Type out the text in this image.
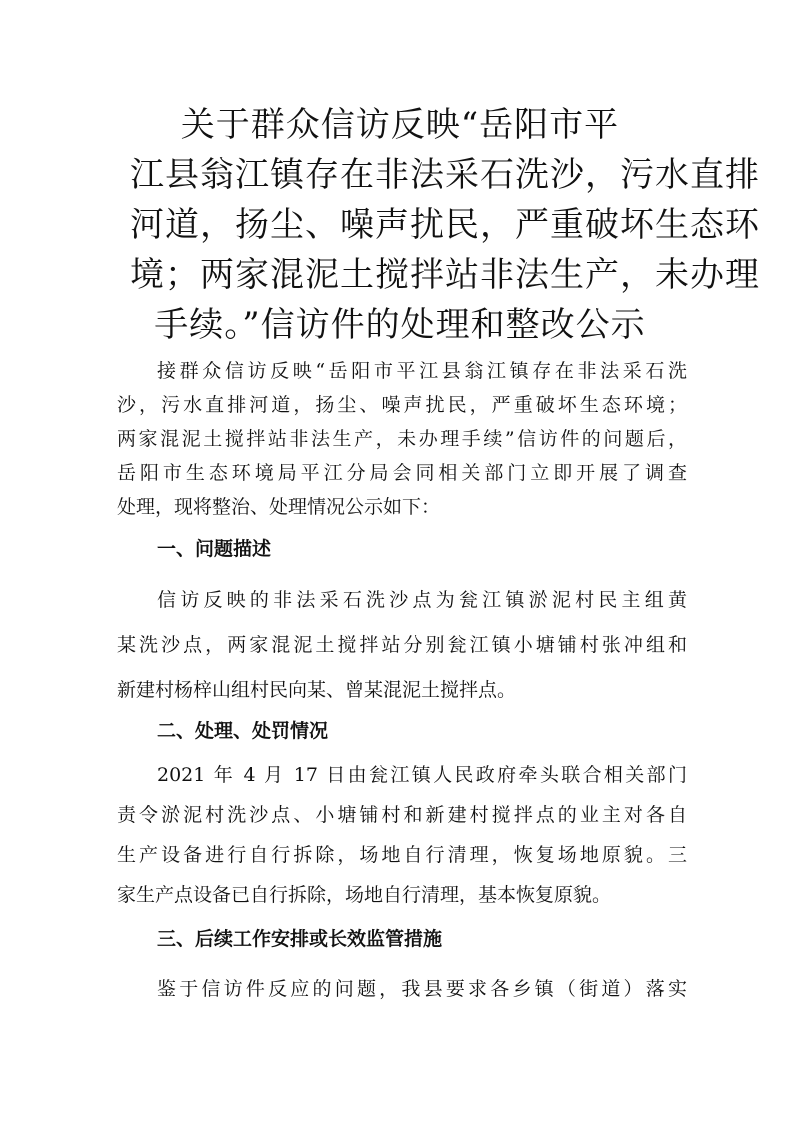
关于群众信访反映“岳阳市平
江县翁江镇存在非法采石洗沙，污水直排
河道，扬尘、噪声扰民，严重破坏生态环
境；两家混泥土搅拌站非法生产，未办理
手续。”信访件的处理和整改公示
接群众信访反映“岳阳市平江县翁江镇存在非法采石洗
沙，污水直排河道，扬尘、噪声扰民，严重破坏生态环境；
两家混泥土搅拌站非法生产，未办理手续”信访件的问题后，
岳阳市生态环境局平江分局会同相关部门立即开展了调查
处理，现将整治、处理情况公示如下：
一、问题描述
信访反映的非法采石洗沙点为瓮江镇淤泥村民主组黄
某洗沙点，两家混泥土搅拌站分别瓮江镇小塘铺村张冲组和
新建村杨梓山组村民向某、曾某混泥土搅拌点。
二、处理、处罚情况
2021 年 4 月 17 日由瓮江镇人民政府牵头联合相关部门
责令淤泥村洗沙点、小塘铺村和新建村搅拌点的业主对各自
生产设备进行自行拆除，场地自行清理，恢复场地原貌。三
家生产点设备已自行拆除，场地自行清理，基本恢复原貌。
三、后续工作安排或长效监管措施
鉴于信访件反应的问题，我县要求各乡镇（街道）落实
